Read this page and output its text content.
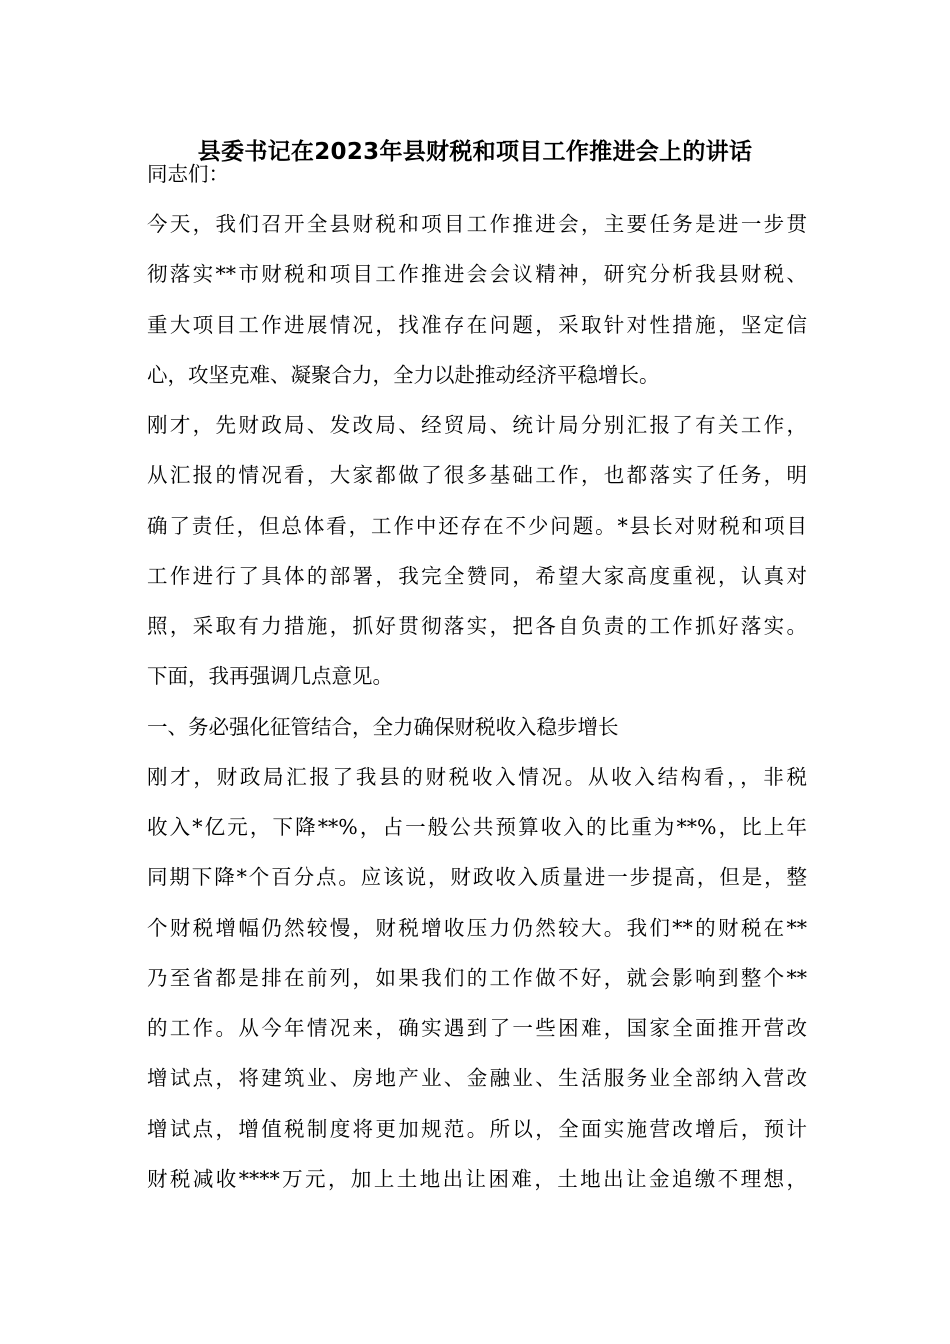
县委书记在2023年县财税和项目工作推进会上的讲话
同志们：
今天，我们召开全县财税和项目工作推进会，主要任务是进一步贯
彻落实**市财税和项目工作推进会会议精神，研究分析我县财税、
重大项目工作进展情况，找准存在问题，采取针对性措施，坚定信
心，攻坚克难、凝聚合力，全力以赴推动经济平稳增长。
刚才，先财政局、发改局、经贸局、统计局分别汇报了有关工作，
从汇报的情况看，大家都做了很多基础工作，也都落实了任务，明
确了责任，但总体看，工作中还存在不少问题。*县长对财税和项目
工作进行了具体的部署，我完全赞同，希望大家高度重视，认真对
照，采取有力措施，抓好贯彻落实，把各自负责的工作抓好落实。
下面，我再强调几点意见。
一、务必强化征管结合，全力确保财税收入稳步增长
刚才，财政局汇报了我县的财税收入情况。从收入结构看，，非税
收入*亿元，下降**%，占一般公共预算收入的比重为**%，比上年
同期下降*个百分点。应该说，财政收入质量进一步提高，但是，整
个财税增幅仍然较慢，财税增收压力仍然较大。我们**的财税在**
乃至省都是排在前列，如果我们的工作做不好，就会影响到整个**
的工作。从今年情况来，确实遇到了一些困难，国家全面推开营改
增试点，将建筑业、房地产业、金融业、生活服务业全部纳入营改
增试点，增值税制度将更加规范。所以，全面实施营改增后，预计
财税减收****万元，加上土地出让困难，土地出让金追缴不理想，
